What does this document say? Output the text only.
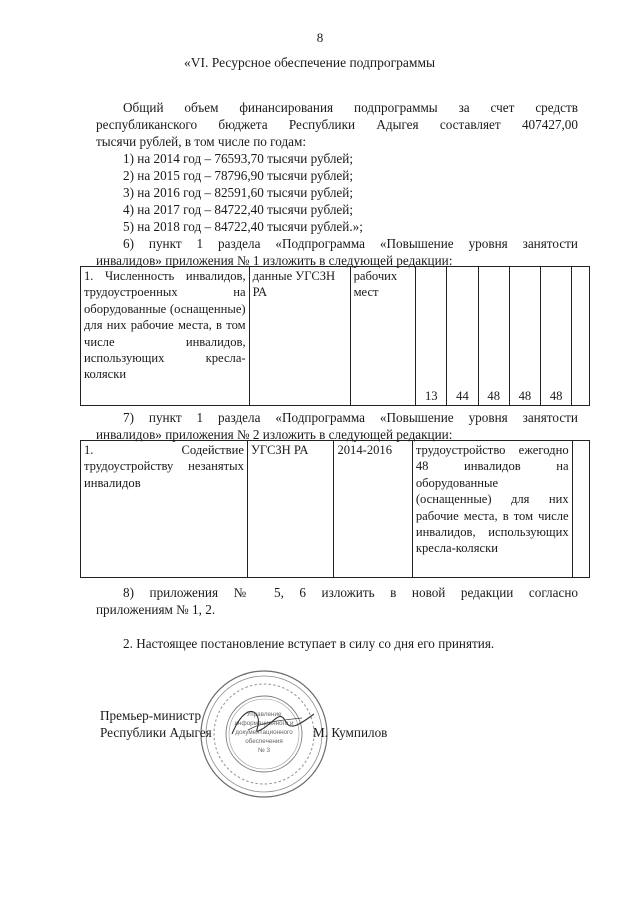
8
«VI. Ресурсное обеспечение подпрограммы
Общий объем финансирования подпрограммы за счет средств
республиканского бюджета Республики Адыгея составляет 407427,00
тысячи рублей, в том числе по годам:
1) на 2014 год – 76593,70 тысячи рублей;
2) на 2015 год – 78796,90 тысячи рублей;
3) на 2016 год – 82591,60 тысячи рублей;
4) на 2017 год – 84722,40 тысячи рублей;
5) на 2018 год – 84722,40 тысячи рублей.»;
6) пункт 1 раздела «Подпрограмма «Повышение уровня занятости
инвалидов» приложения № 1 изложить в следующей редакции:
1. Численность инвалидов, трудоустроенных на оборудованные (оснащенные) для них рабочие места, в том числе инвалидов, использующих кресла-коляски	данные УГСЗН РА	рабочих мест	13	44	48	48	48	
7) пункт 1 раздела «Подпрограмма «Повышение уровня занятости
инвалидов» приложения № 2 изложить в следующей редакции:
1. Содействие трудоустройству незанятых инвалидов	УГСЗН РА	2014-2016	трудоустройство ежегодно 48 инвалидов на оборудованные (оснащенные) для них рабочие места, в том числе инвалидов, использующих кресла-коляски	
8) приложения № 5, 6 изложить в новой редакции согласно
приложениям № 1, 2.
2. Настоящее постановление вступает в силу со дня его принятия.
Управление
информационного и
документационного
обеспечения
№ 3
Премьер-министр
Республики Адыгея	М. Кумпилов
